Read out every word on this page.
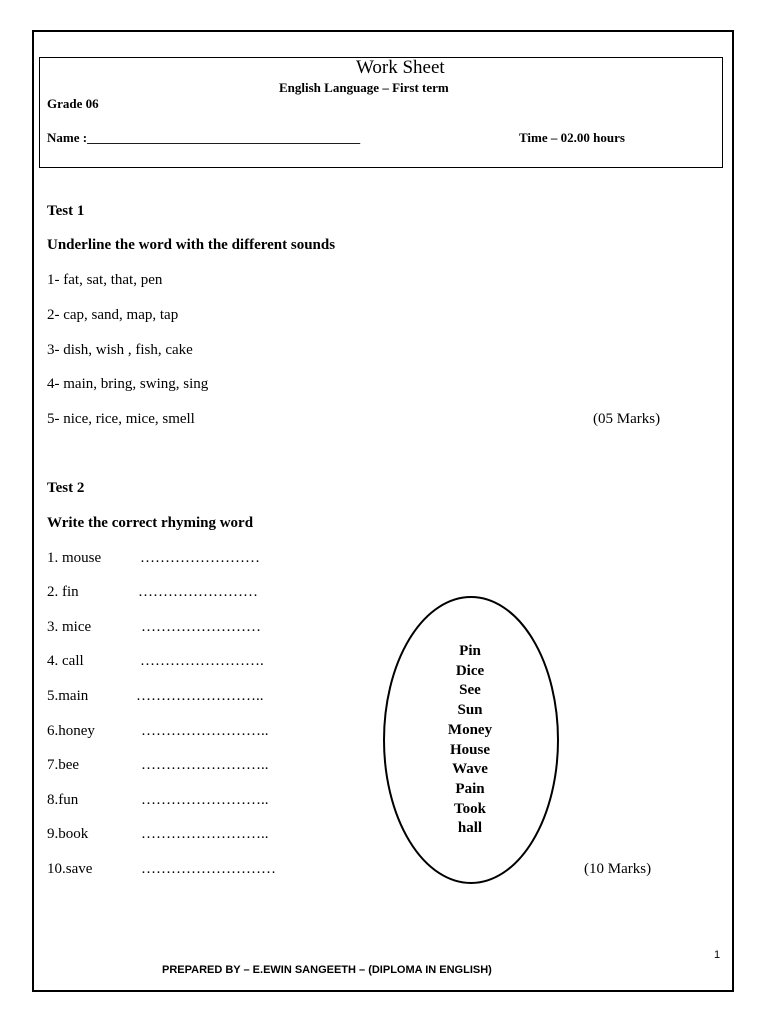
Work Sheet
English Language – First term
Grade 06
Name :__________________________________________	Time – 02.00 hours
Test 1
Underline the word with the different sounds
1- fat, sat, that, pen
2- cap, sand, map, tap
3- dish, wish , fish, cake
4- main, bring, swing, sing
5- nice, rice, mice, smell	(05 Marks)
Test 2
Write the correct rhyming word
1. mouse	……………………
2. fin	……………………
3. mice	……………………
4. call	…………………….
5.main	……………………..
6.honey	……………………..
7.bee	……………………..
8.fun	……………………..
9.book	……………………..
10.save	………………………
Pin
Dice
See
Sun
Money
House
Wave
Pain
Took
hall
(10 Marks)
1
PREPARED BY – E.EWIN SANGEETH – (DIPLOMA IN ENGLISH)
